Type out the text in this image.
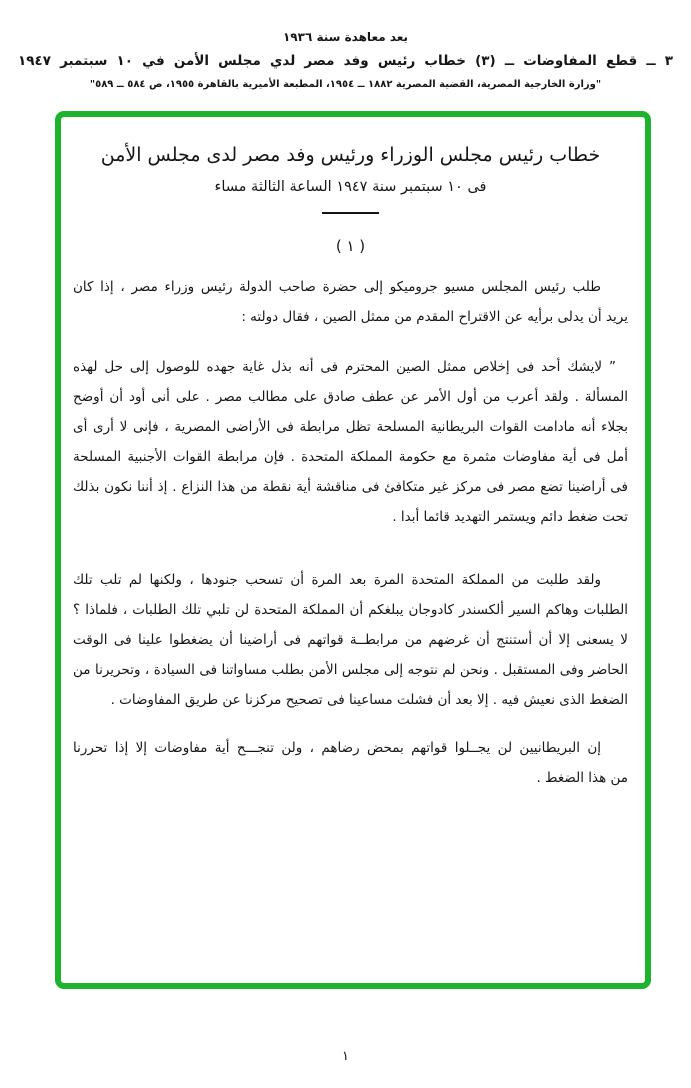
بعد معاهدة سنة ١٩٣٦
٣ ــ قطع المفاوضات ــ (٣) خطاب رئيس وفد مصر لدي مجلس الأمن في ١٠ سبتمبر ١٩٤٧
"وزارة الخارجية المصرية، القضية المصرية ١٨٨٢ ــ ١٩٥٤، المطبعة الأميرية بالقاهرة ١٩٥٥، ص ٥٨٤ ــ ٥٨٩"
خطاب رئيس مجلس الوزراء ورئيس وفد مصر لدى مجلس الأمن
فى ١٠ سبتمبر سنة ١٩٤٧ الساعة الثالثة مساء
( ١ )
طلب رئيس المجلس مسيو جروميكو إلى حضرة صاحب الدولة رئيس وزراء مصر ، إذا كان
يريد أن يدلى برأيه عن الاقتراح المقدم من ممثل الصين ، فقال دولته :
” لايشك أحد فى إخلاص ممثل الصين المحترم فى أنه بذل غاية جهده للوصول إلى حل لهذه
المسألة . ولقد أعرب من أول الأمر عن عطف صادق على مطالب مصر . على أنى أود أن أوضح
بجلاء أنه مادامت القوات البريطانية المسلحة تظل مرابطة فى الأراضى المصرية ، فإنى لا أرى أى
أمل فى أية مفاوضات مثمرة مع حكومة المملكة المتحدة . فإن مرابطة القوات الأجنبية المسلحة
فى أراضينا تضع مصر فى مركز غير متكافئ فى مناقشة أية نقطة من هذا النزاع . إذ أننا نكون بذلك
تحت ضغط دائم ويستمر التهديد قائما أبدا .
ولقد طلبت من المملكة المتحدة المرة بعد المرة أن تسحب جنودها ، ولكنها لم تلب تلك
الطلبات وهاكم السير ألكسندر كادوجان يبلغكم أن المملكة المتحدة لن تلبي تلك الطلبات ، فلماذا ؟
لا يسعنى إلا أن أستنتج أن غرضهم من مرابطــة قواتهم فى أراضينا أن يضغطوا علينا فى الوقت
الحاضر وفى المستقبل . ونحن لم نتوجه إلى مجلس الأمن بطلب مساواتنا فى السيادة ، وتحريرنا من
الضغط الذى نعيش فيه . إلا بعد أن فشلت مساعينا فى تصحيح مركزنا عن طريق المفاوضات .
إن البريطانيين لن يجــلوا قواتهم بمحض رضاهم ، ولن تنجـــح أية مفاوضات إلا إذا تحررنا
من هذا الضغط .
١
